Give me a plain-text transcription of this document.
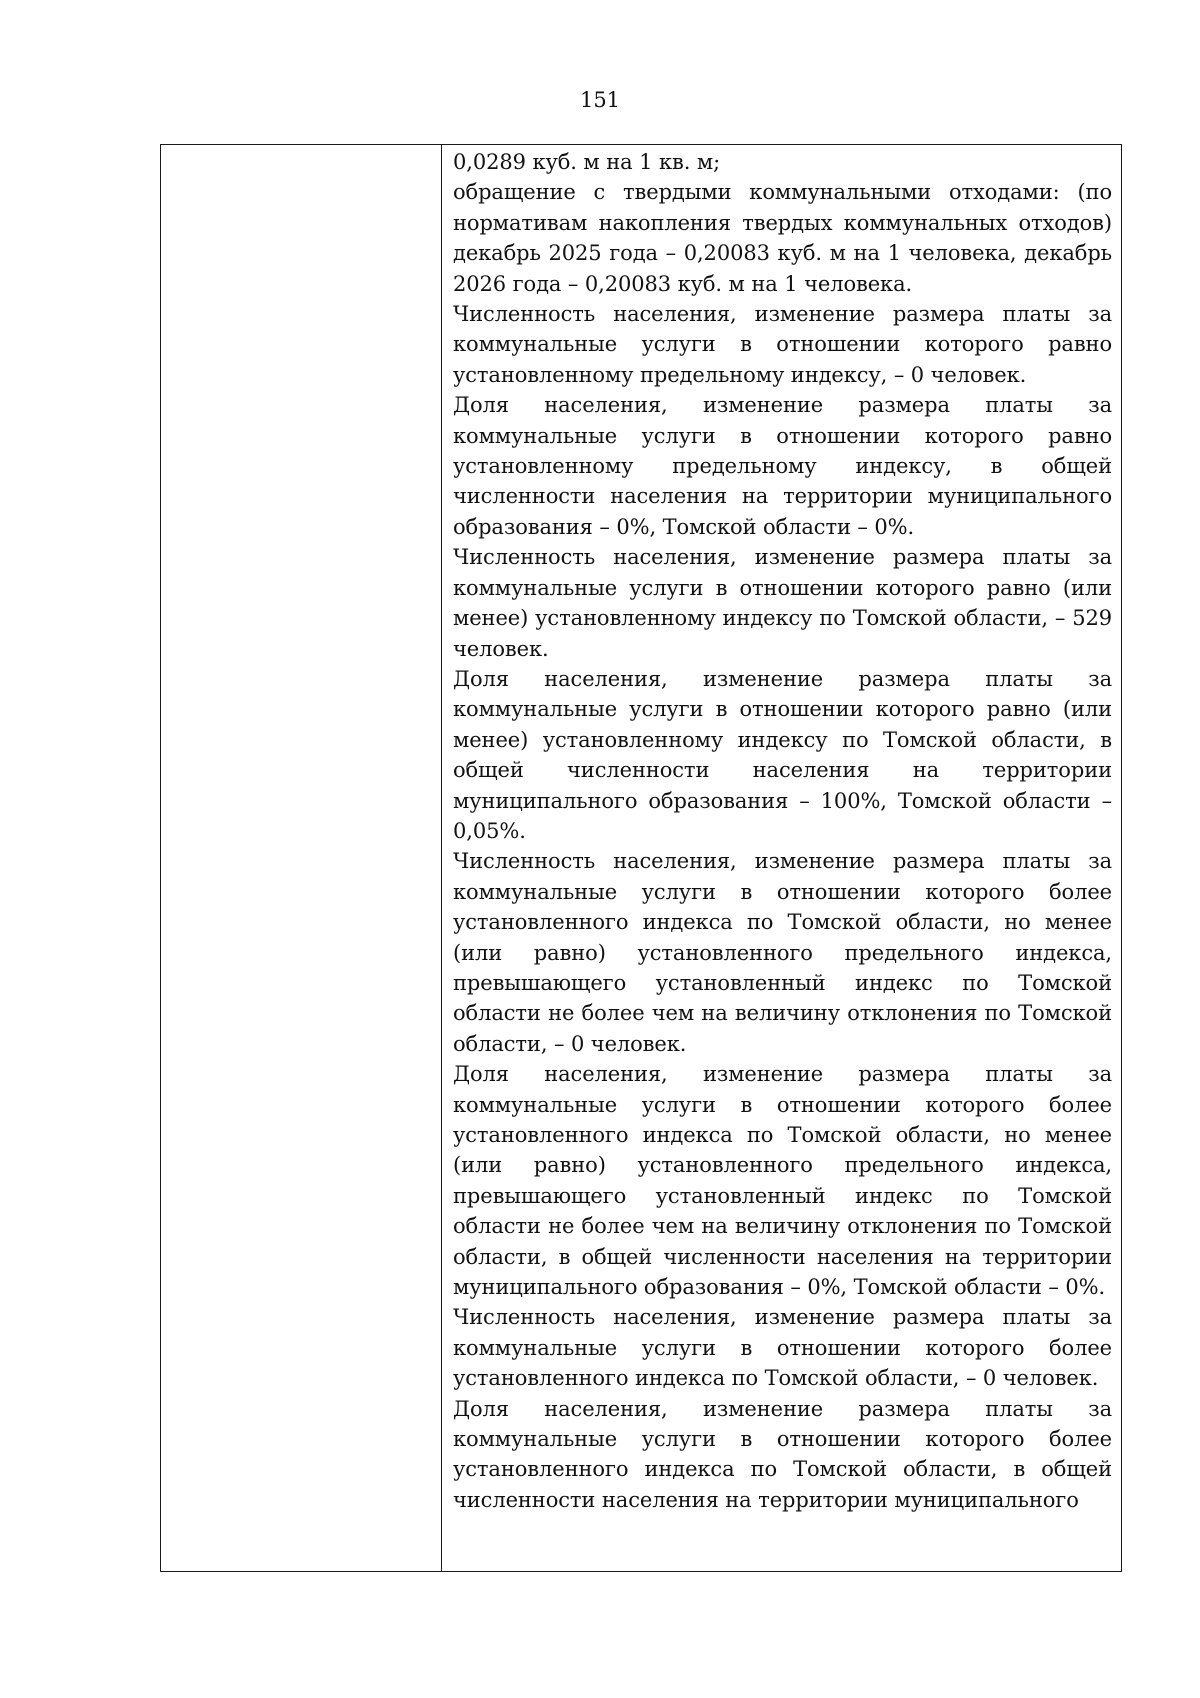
151

0,0289 куб. м на 1 кв. м;

обращение с твердыми коммунальными отходами: (по нормативам накопления твердых коммунальных отходов) декабрь 2025 года – 0,20083 куб. м на 1 человека, декабрь 2026 года – 0,20083 куб. м на 1 человека.

Численность населения, изменение размера платы за коммунальные услуги в отношении которого равно установленному предельному индексу, – 0 человек.

Доля населения, изменение размера платы за коммунальные услуги в отношении которого равно установленному предельному индексу, в общей численности населения на территории муниципального образования – 0%, Томской области – 0%.

Численность населения, изменение размера платы за коммунальные услуги в отношении которого равно (или менее) установленному индексу по Томской области, – 529 человек.

Доля населения, изменение размера платы за коммунальные услуги в отношении которого равно (или менее) установленному индексу по Томской области, в общей численности населения на территории муниципального образования – 100%, Томской области – 0,05%.

Численность населения, изменение размера платы за коммунальные услуги в отношении которого более установленного индекса по Томской области, но менее (или равно) установленного предельного индекса, превышающего установленный индекс по Томской области не более чем на величину отклонения по Томской области, – 0 человек.

Доля населения, изменение размера платы за коммунальные услуги в отношении которого более установленного индекса по Томской области, но менее (или равно) установленного предельного индекса, превышающего установленный индекс по Томской области не более чем на величину отклонения по Томской области, в общей численности населения на территории муниципального образования – 0%, Томской области – 0%.

Численность населения, изменение размера платы за коммунальные услуги в отношении которого более установленного индекса по Томской области, – 0 человек.

Доля населения, изменение размера платы за коммунальные услуги в отношении которого более установленного индекса по Томской области, в общей численности населения на территории муниципального
